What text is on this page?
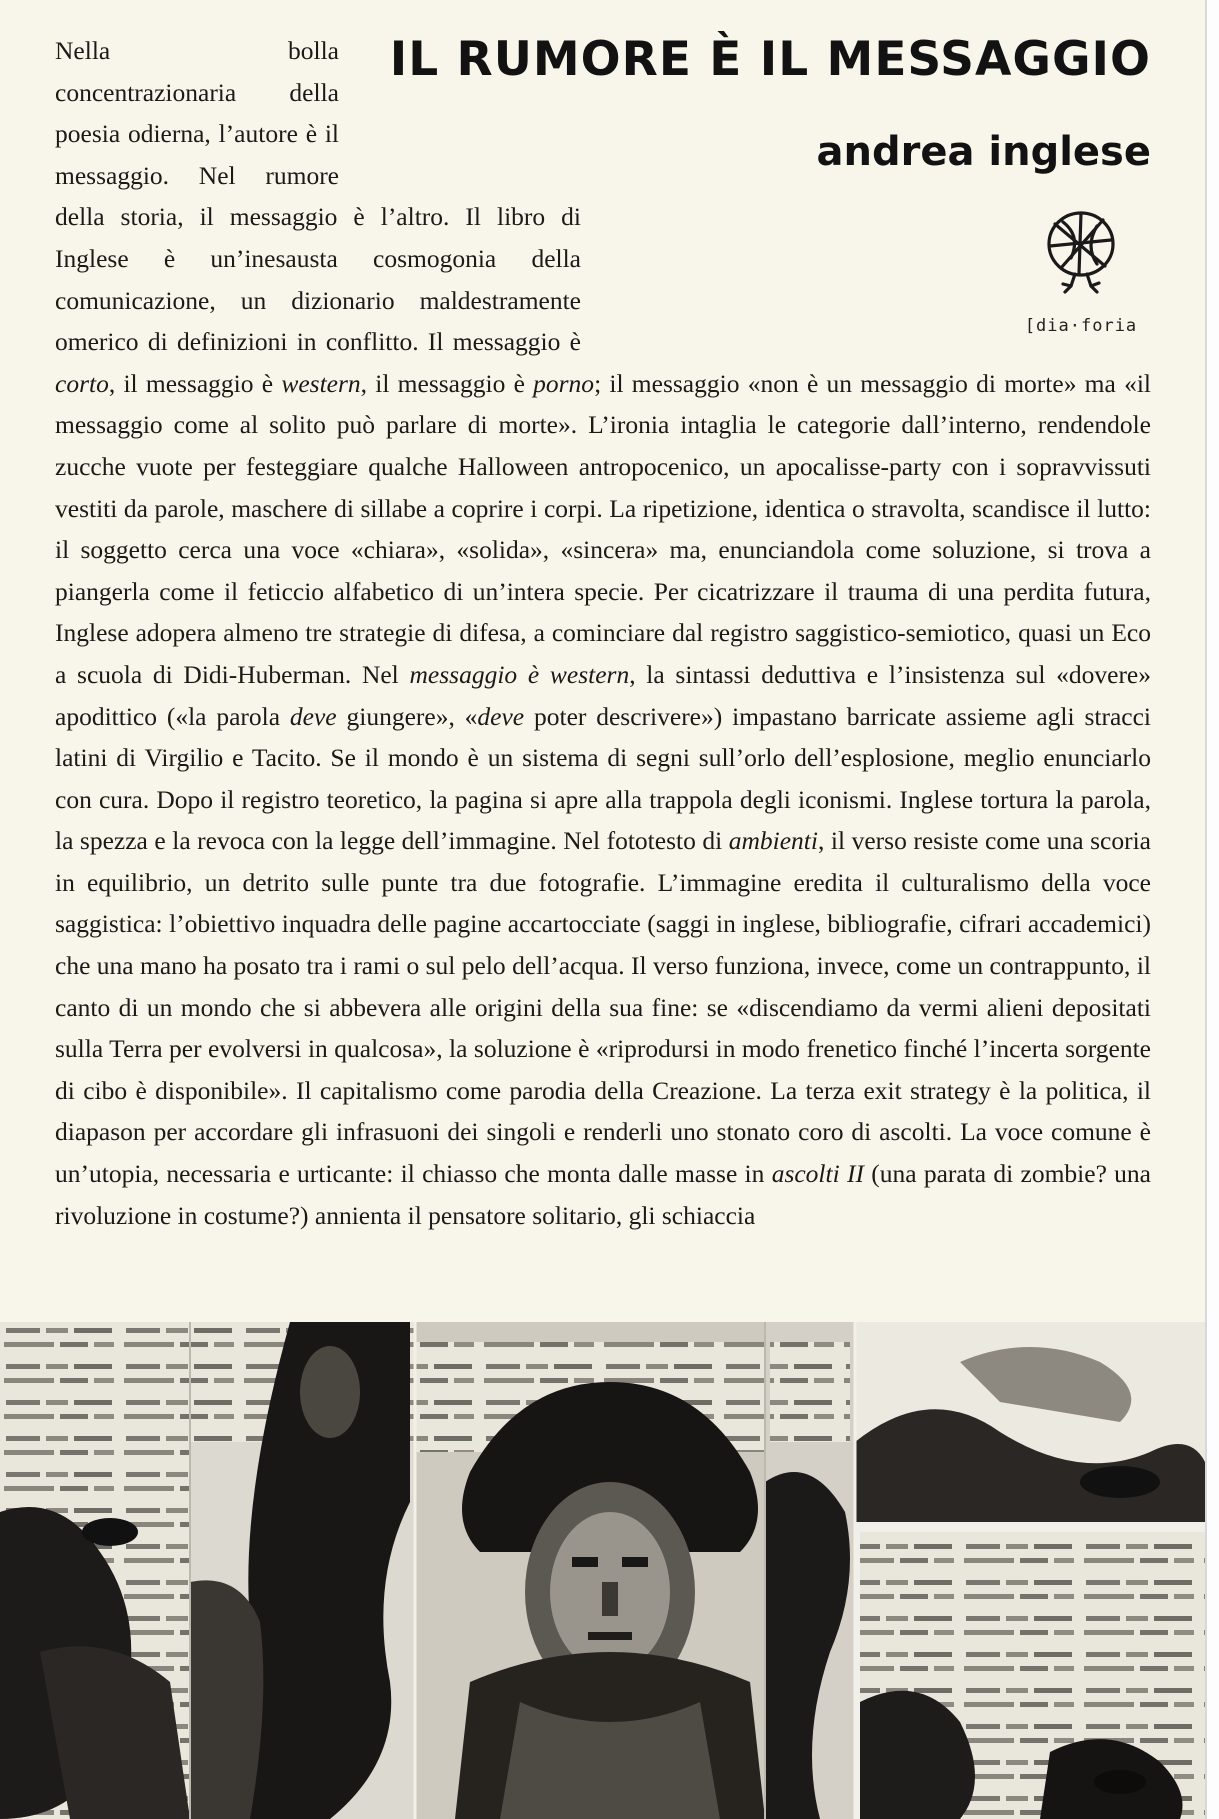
IL RUMORE È IL MESSAGGIO
andrea inglese
[dia·foria

Nella bolla concentrazionaria della poesia odierna, l’autore è il messaggio. Nel rumore della storia, il messaggio è l’altro. Il libro di Inglese è un’inesausta cosmogonia della comunicazione, un dizionario maldestramente omerico di definizioni in conflitto. Il messaggio è corto, il messaggio è western, il messaggio è porno; il messaggio «non è un messaggio di morte» ma «il messaggio come al solito può parlare di morte». L’ironia intaglia le categorie dall’interno, rendendole zucche vuote per festeggiare qualche Halloween antropocenico, un apocalisse-party con i sopravvissuti vestiti da parole, maschere di sillabe a coprire i corpi. La ripetizione, identica o stravolta, scandisce il lutto: il soggetto cerca una voce «chiara», «solida», «sincera» ma, enunciandola come soluzione, si trova a piangerla come il feticcio alfabetico di un’intera specie. Per cicatrizzare il trauma di una perdita futura, Inglese adopera almeno tre strategie di difesa, a cominciare dal registro saggistico-semiotico, quasi un Eco a scuola di Didi-Huberman. Nel messaggio è western, la sintassi deduttiva e l’insistenza sul «dovere» apodittico («la parola deve giungere», «deve poter descrivere») impastano barricate assieme agli stracci latini di Virgilio e Tacito. Se il mondo è un sistema di segni sull’orlo dell’esplosione, meglio enunciarlo con cura. Dopo il registro teoretico, la pagina si apre alla trappola degli iconismi. Inglese tortura la parola, la spezza e la revoca con la legge dell’immagine. Nel fototesto di ambienti, il verso resiste come una scoria in equilibrio, un detrito sulle punte tra due fotografie. L’immagine eredita il culturalismo della voce saggistica: l’obiettivo inquadra delle pagine accartocciate (saggi in inglese, bibliografie, cifrari accademici) che una mano ha posato tra i rami o sul pelo dell’acqua. Il verso funziona, invece, come un contrappunto, il canto di un mondo che si abbevera alle origini della sua fine: se «discendiamo da vermi alieni depositati sulla Terra per evolversi in qualcosa», la soluzione è «riprodursi in modo frenetico finché l’incerta sorgente di cibo è disponibile». Il capitalismo come parodia della Creazione. La terza exit strategy è la politica, il diapason per accordare gli infrasuoni dei singoli e renderli uno stonato coro di ascolti. La voce comune è un’utopia, necessaria e urticante: il chiasso che monta dalle masse in ascolti II (una parata di zombie? una rivoluzione in costume?) annienta il pensatore solitario, gli schiaccia
